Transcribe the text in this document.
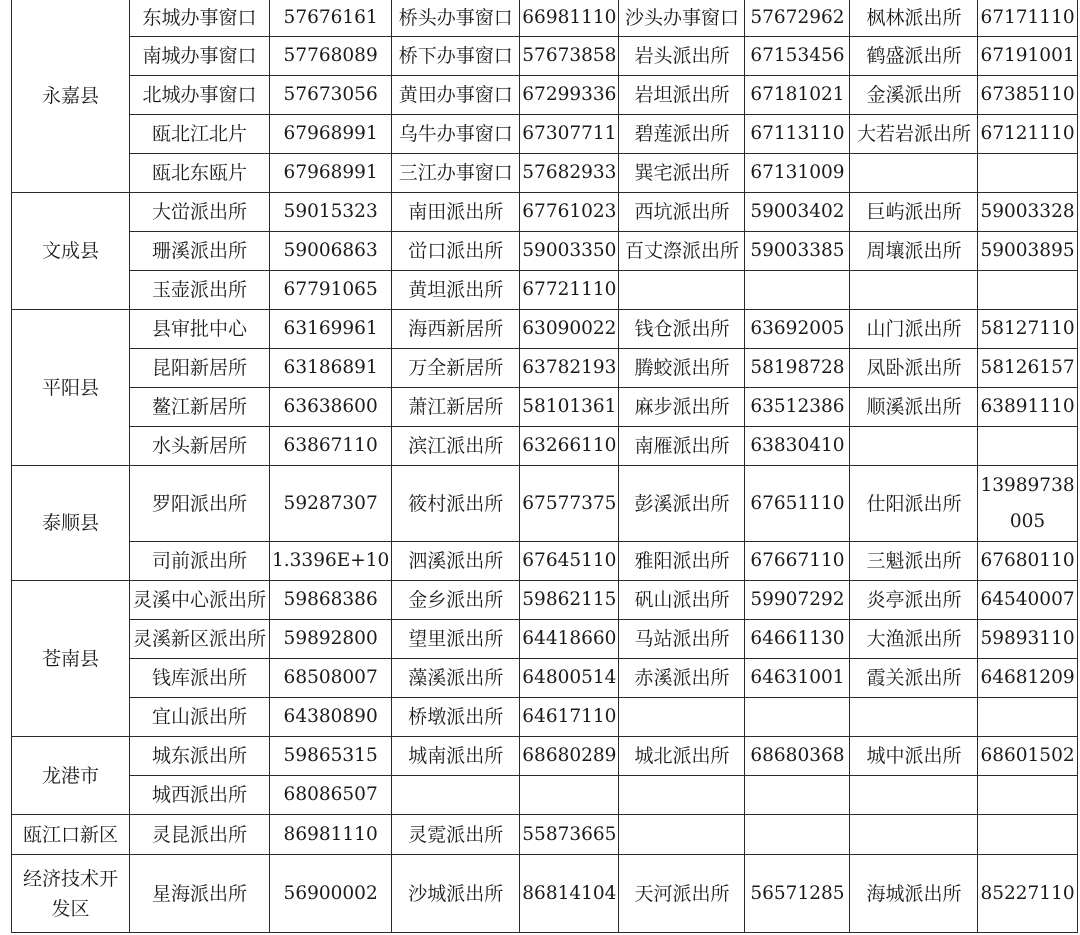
永嘉县	东城办事窗口	57676161	桥头办事窗口	66981110	沙头办事窗口	57672962	枫林派出所	67171110
	南城办事窗口	57768089	桥下办事窗口	57673858	岩头派出所	67153456	鹤盛派出所	67191001
	北城办事窗口	57673056	黄田办事窗口	67299336	岩坦派出所	67181021	金溪派出所	67385110
	瓯北江北片	67968991	乌牛办事窗口	67307711	碧莲派出所	67113110	大若岩派出所	67121110
	瓯北东瓯片	67968991	三江办事窗口	57682933	巽宅派出所	67131009		
文成县	大峃派出所	59015323	南田派出所	67761023	西坑派出所	59003402	巨屿派出所	59003328
	珊溪派出所	59006863	峃口派出所	59003350	百丈漈派出所	59003385	周壤派出所	59003895
	玉壶派出所	67791065	黄坦派出所	67721110				
平阳县	县审批中心	63169961	海西新居所	63090022	钱仓派出所	63692005	山门派出所	58127110
	昆阳新居所	63186891	万全新居所	63782193	腾蛟派出所	58198728	凤卧派出所	58126157
	鳌江新居所	63638600	萧江新居所	58101361	麻步派出所	63512386	顺溪派出所	63891110
	水头新居所	63867110	滨江派出所	63266110	南雁派出所	63830410		
泰顺县	罗阳派出所	59287307	筱村派出所	67577375	彭溪派出所	67651110	仕阳派出所	13989738005
	司前派出所	1.3396E+10	泗溪派出所	67645110	雅阳派出所	67667110	三魁派出所	67680110
苍南县	灵溪中心派出所	59868386	金乡派出所	59862115	矾山派出所	59907292	炎亭派出所	64540007
	灵溪新区派出所	59892800	望里派出所	64418660	马站派出所	64661130	大渔派出所	59893110
	钱库派出所	68508007	藻溪派出所	64800514	赤溪派出所	64631001	霞关派出所	64681209
	宜山派出所	64380890	桥墩派出所	64617110				
龙港市	城东派出所	59865315	城南派出所	68680289	城北派出所	68680368	城中派出所	68601502
	城西派出所	68086507						
瓯江口新区	灵昆派出所	86981110	灵霓派出所	55873665				
经济技术开发区	星海派出所	56900002	沙城派出所	86814104	天河派出所	56571285	海城派出所	85227110
